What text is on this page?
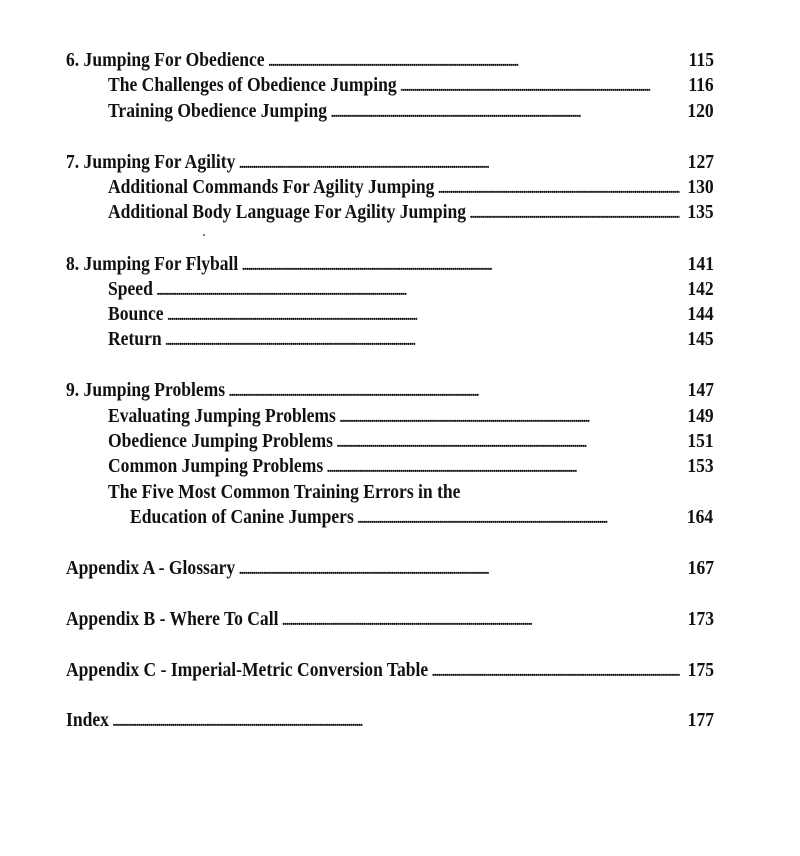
6. Jumping For Obedience . . .	115
The Challenges of Obedience Jumping . . .	116
Training Obedience Jumping . . .	120
7. Jumping For Agility . . .	127
Additional Commands For Agility Jumping . . .	130
Additional Body Language For Agility Jumping . . .	135
8. Jumping For Flyball . . .	141
Speed . . .	142
Bounce . . .	144
Return . . .	145
9. Jumping Problems . . .	147
Evaluating Jumping Problems . . .	149
Obedience Jumping Problems . . .	151
Common Jumping Problems . . .	153
The Five Most Common Training Errors in the
Education of Canine Jumpers . . .	164
Appendix A - Glossary . . .	167
Appendix B - Where To Call . . .	173
Appendix C - Imperial-Metric Conversion Table . . .	175
Index . . .	177
